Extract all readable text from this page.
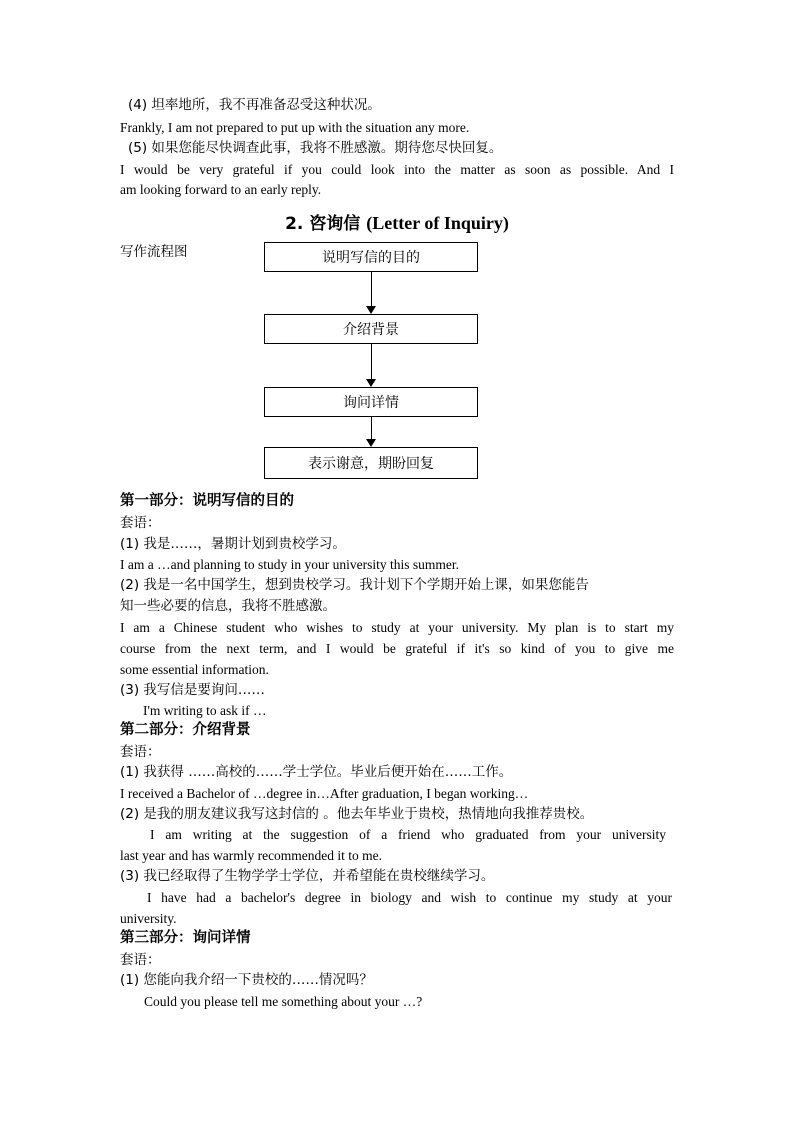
(4) 坦率地所，我不再准备忍受这种状况。
Frankly, I am not prepared to put up with the situation any more.
(5) 如果您能尽快调查此事，我将不胜感激。期待您尽快回复。
I would be very grateful if you could look into the matter as soon as possible. And I
am looking forward to an early reply.
2. 咨询信 (Letter of Inquiry)
写作流程图	说明写信的目的
介绍背景
询问详情
表示谢意，期盼回复
第一部分：说明写信的目的
套语：
(1) 我是……，暑期计划到贵校学习。
I am a …and planning to study in your university this summer.
(2) 我是一名中国学生，想到贵校学习。我计划下个学期开始上课，如果您能告
知一些必要的信息，我将不胜感激。
I am a Chinese student who wishes to study at your university. My plan is to start my
course from the next term, and I would be grateful if it's so kind of you to give me
some essential information.
(3) 我写信是要询问……
I'm writing to ask if …
第二部分：介绍背景
套语：
(1) 我获得 ……高校的……学士学位。毕业后便开始在……工作。
I received a Bachelor of …degree in…After graduation, I began working…
(2) 是我的朋友建议我写这封信的 。他去年毕业于贵校，热情地向我推荐贵校。
I am writing at the suggestion of a friend who graduated from your university
last year and has warmly recommended it to me.
(3) 我已经取得了生物学学士学位，并希望能在贵校继续学习。
I have had a bachelor's degree in biology and wish to continue my study at your
university.
第三部分：询问详情
套语：
(1) 您能向我介绍一下贵校的……情况吗？
Could you please tell me something about your …?
